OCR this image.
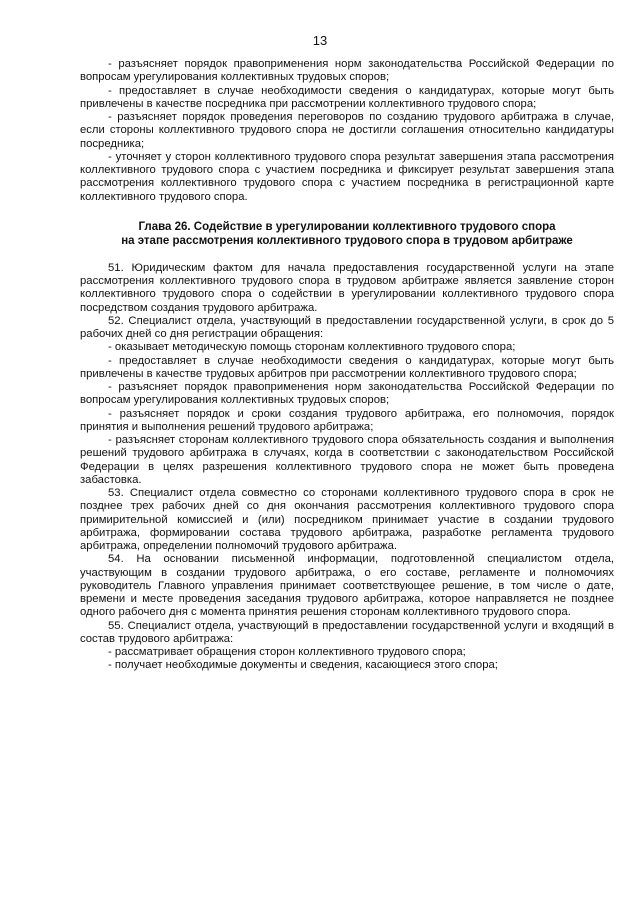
13

- разъясняет порядок правоприменения норм законодательства Российской Федерации по вопросам урегулирования коллективных трудовых споров;

- предоставляет в случае необходимости сведения о кандидатурах, которые могут быть привлечены в качестве посредника при рассмотрении коллективного трудового спора;

- разъясняет порядок проведения переговоров по созданию трудового арбитража в случае, если стороны коллективного трудового спора не достигли соглашения относительно кандидатуры посредника;

- уточняет у сторон коллективного трудового спора результат завершения этапа рассмотрения коллективного трудового спора с участием посредника и фиксирует результат завершения этапа рассмотрения коллективного трудового спора с участием посредника в регистрационной карте коллективного трудового спора.

Глава 26. Содействие в урегулировании коллективного трудового спора
на этапе рассмотрения коллективного трудового спора в трудовом арбитраже

51. Юридическим фактом для начала предоставления государственной услуги на этапе рассмотрения коллективного трудового спора в трудовом арбитраже является заявление сторон коллективного трудового спора о содействии в урегулировании коллективного трудового спора посредством создания трудового арбитража.

52. Специалист отдела, участвующий в предоставлении государственной услуги, в срок до 5 рабочих дней со дня регистрации обращения:

- оказывает методическую помощь сторонам коллективного трудового спора;

- предоставляет в случае необходимости сведения о кандидатурах, которые могут быть привлечены в качестве трудовых арбитров при рассмотрении коллективного трудового спора;

- разъясняет порядок правоприменения норм законодательства Российской Федерации по вопросам урегулирования коллективных трудовых споров;

- разъясняет порядок и сроки создания трудового арбитража, его полномочия, порядок принятия и выполнения решений трудового арбитража;

- разъясняет сторонам коллективного трудового спора обязательность создания и выполнения решений трудового арбитража в случаях, когда в соответствии с законодательством Российской Федерации в целях разрешения коллективного трудового спора не может быть проведена забастовка.

53. Специалист отдела совместно со сторонами коллективного трудового спора в срок не позднее трех рабочих дней со дня окончания рассмотрения коллективного трудового спора примирительной комиссией и (или) посредником принимает участие в создании трудового арбитража, формировании состава трудового арбитража, разработке регламента трудового арбитража, определении полномочий трудового арбитража.

54. На основании письменной информации, подготовленной специалистом отдела, участвующим в создании трудового арбитража, о его составе, регламенте и полномочиях руководитель Главного управления принимает соответствующее решение, в том числе о дате, времени и месте проведения заседания трудового арбитража, которое направляется не позднее одного рабочего дня с момента принятия решения сторонам коллективного трудового спора.

55. Специалист отдела, участвующий в предоставлении государственной услуги и входящий в состав трудового арбитража:

- рассматривает обращения сторон коллективного трудового спора;

- получает необходимые документы и сведения, касающиеся этого спора;
